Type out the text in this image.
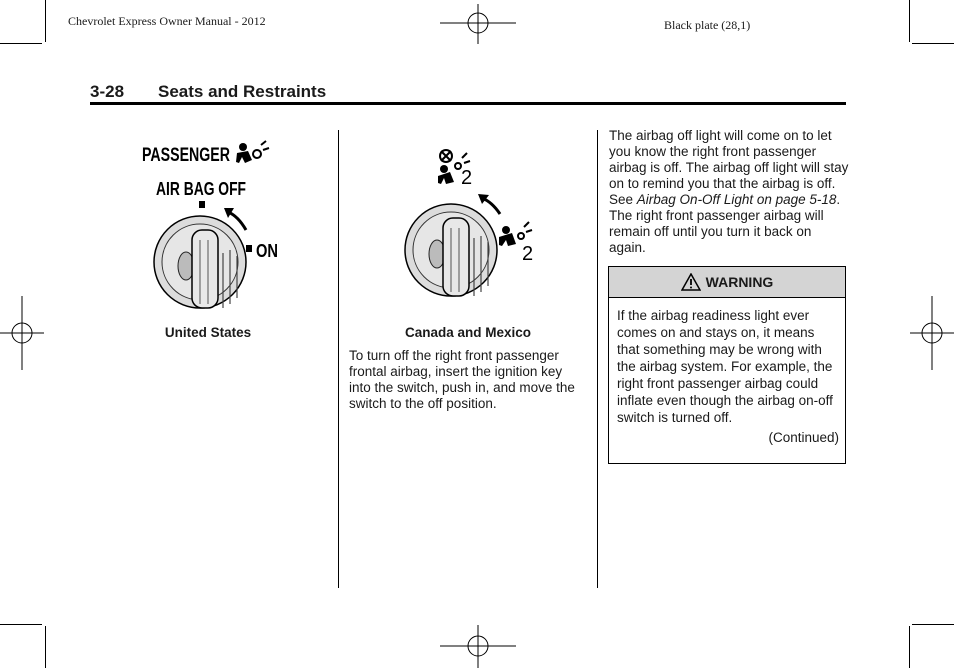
Chevrolet Express Owner Manual - 2012	Black plate (28,1)
3-28 Seats and Restraints
PASSENGER
AIR BAG OFF
ON
United States
2
2
Canada and Mexico
To turn off the right front passenger frontal airbag, insert the ignition key into the switch, push in, and move the switch to the off position.
The airbag off light will come on to let you know the right front passenger airbag is off. The airbag off light will stay on to remind you that the airbag is off. See Airbag On-Off Light on page 5-18. The right front passenger airbag will remain off until you turn it back on again.
WARNING
If the airbag readiness light ever comes on and stays on, it means that something may be wrong with the airbag system. For example, the right front passenger airbag could inflate even though the airbag on-off switch is turned off.
(Continued)
